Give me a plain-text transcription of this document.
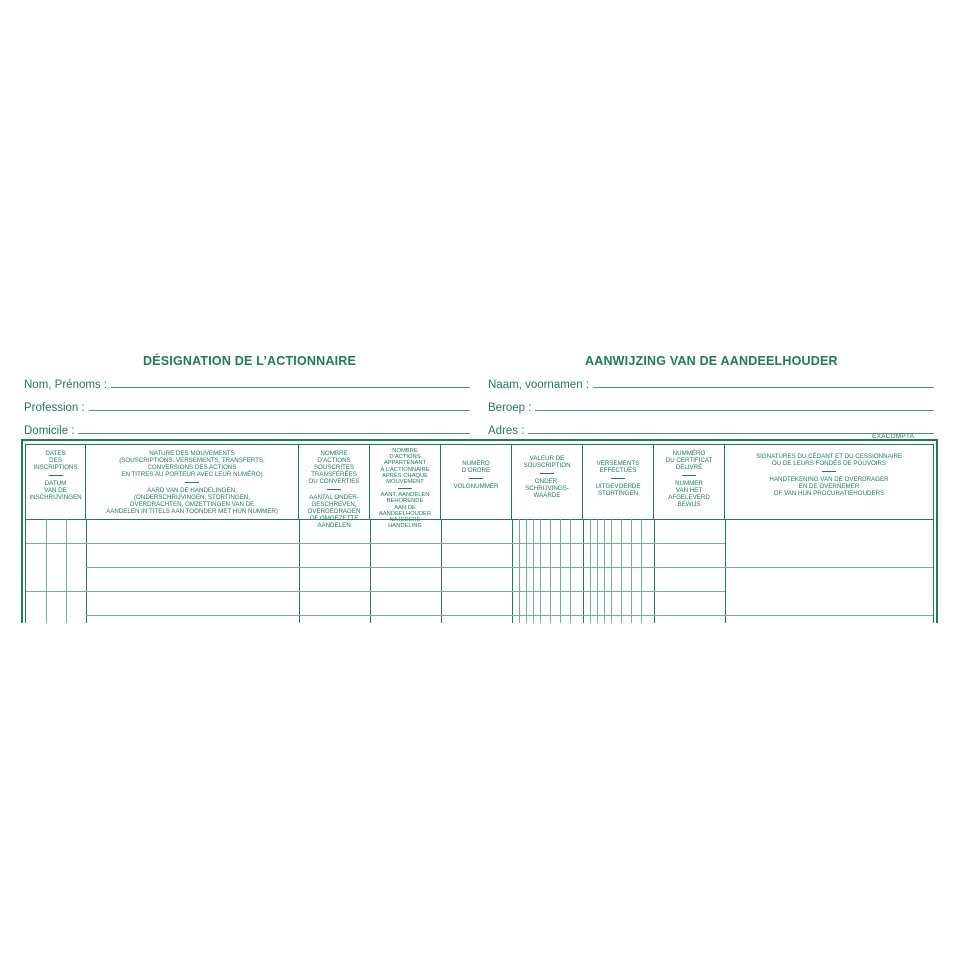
DÉSIGNATION DE L’ACTIONNAIRE	AANWIJZING VAN DE AANDEELHOUDER
Nom, Prénoms :
Profession :
Domicile :
Naam, voornamen :
Beroep :
Adres :	EXACOMPTA
DATES
DES
INSCRIPTIONS
DATUM
VAN DE
INSCHRIJVINGEN
NATURE DES MOUVEMENTS
(SOUSCRIPTIONS, VERSEMENTS, TRANSFERTS,
CONVERSIONS DES ACTIONS
EN TITRES AU PORTEUR AVEC LEUR NUMÉRO)
AARD VAN DE HANDELINGEN,
(ONDERSCHRIJVINGEN, STORTINGEN,
OVERDRACHTEN, OMZETTINGEN VAN DE
AANDELEN IN TITELS AAN TOONDER MET HUN NUMMER)
NOMBRE
D’ACTIONS
SOUSCRITES
TRANSFÉRÉES
OU CONVERTIES
AANTAL ONDER-
GESCHREVEN,
OVERGEDRAGEN
OF OMGEZETTE
AANDELEN
NOMBRE
D’ACTIONS
APPARTENANT
À L’ACTIONNAIRE
APRÈS CHAQUE
MOUVEMENT
AANT. AANDELEN
BEHORENDE
AAN DE
AANDEELHOUDER
NA IEDERE
HANDELING
NUMÉRO
D’ORDRE
VOLGNUMMER
VALEUR DE
SOUSCRIPTION
ONDER-
SCHRIJVINGS-
WAARDE
VERSEMENTS
EFFECTUÉS
UITGEVOERDE
STORTINGEN
NUMMÉRO
DU CERTIFICAT
DÉLIVRÉ
NUMMER
VAN HET
AFGELEVERD
BEWIJS
SIGNATURES DU CÉDANT ET DU CESSIONNAIRE
OU DE LEURS FONDÉS DE POUVOIRS
HANDTEKENING VAN DE OVERDRAGER
EN DE OVERNEMER
OF VAN HUN PROCURATIEHOUDERS
